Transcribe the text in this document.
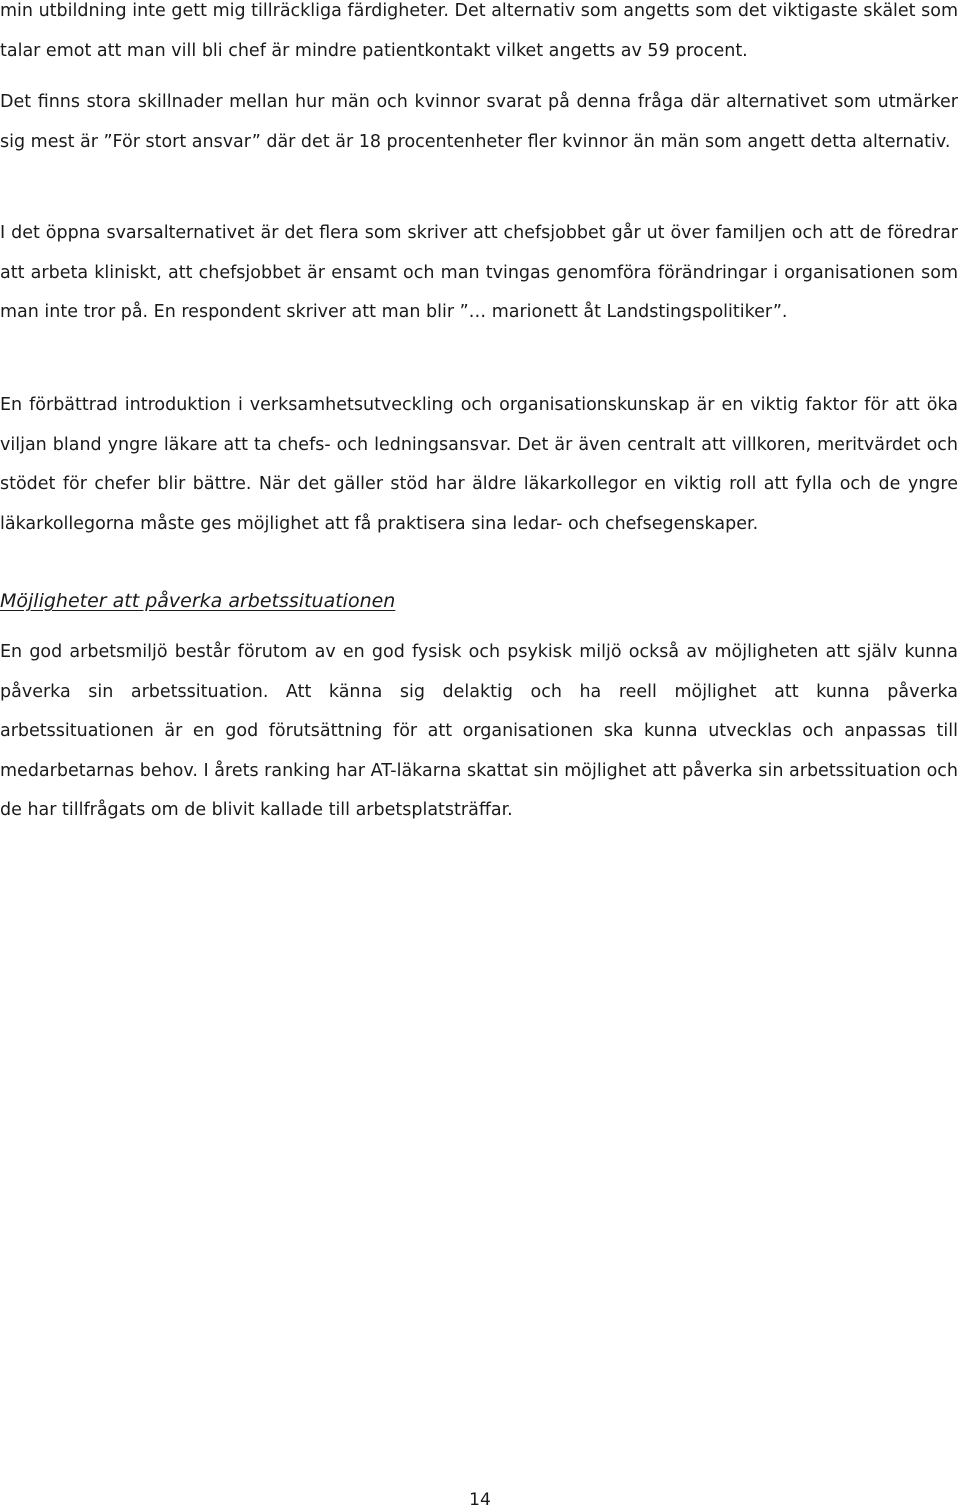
min utbildning inte gett mig tillräckliga färdigheter. Det alternativ som angetts som det viktigaste skälet som talar emot att man vill bli chef är mindre patientkontakt vilket angetts av 59 procent.

Det finns stora skillnader mellan hur män och kvinnor svarat på denna fråga där alternativet som utmärker sig mest är ”För stort ansvar” där det är 18 procentenheter fler kvinnor än män som angett detta alternativ.

I det öppna svarsalternativet är det flera som skriver att chefsjobbet går ut över familjen och att de föredrar att arbeta kliniskt, att chefsjobbet är ensamt och man tvingas genomföra förändringar i organisationen som man inte tror på. En respondent skriver att man blir ”… marionett åt Landstingspolitiker”.

En förbättrad introduktion i verksamhetsutveckling och organisationskunskap är en viktig faktor för att öka viljan bland yngre läkare att ta chefs- och ledningsansvar. Det är även centralt att villkoren, meritvärdet och stödet för chefer blir bättre. När det gäller stöd har äldre läkarkollegor en viktig roll att fylla och de yngre läkarkollegorna måste ges möjlighet att få praktisera sina ledar- och chefsegenskaper.

Möjligheter att påverka arbetssituationen

En god arbetsmiljö består förutom av en god fysisk och psykisk miljö också av möjligheten att själv kunna påverka sin arbetssituation. Att känna sig delaktig och ha reell möjlighet att kunna påverka arbetssituationen är en god förutsättning för att organisationen ska kunna utvecklas och anpassas till medarbetarnas behov. I årets ranking har AT-läkarna skattat sin möjlighet att påverka sin arbetssituation och de har tillfrågats om de blivit kallade till arbetsplatsträffar.

14
